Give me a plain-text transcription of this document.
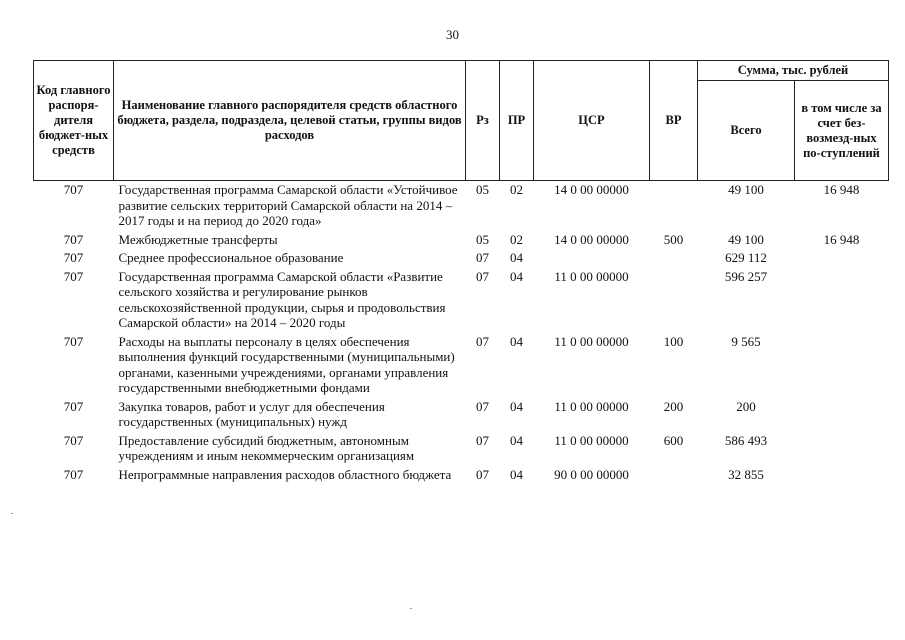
30
Код главного распоря-дителя бюджет-ных средств	Наименование главного распорядителя средств областного бюджета, раздела, подраздела, целевой статьи, группы видов расходов	Рз	ПР	ЦСР	ВР	Сумма, тыс. рублей	
						Всего	в том числе за счет без-возмезд-ных по-ступлений
707	Государственная программа Самарской области «Устойчивое развитие сельских территорий Самарской области на 2014 – 2017 годы и на период до 2020 года»	05	02	14 0 00 00000		49 100	16 948
707	Межбюджетные трансферты	05	02	14 0 00 00000	500	49 100	16 948
707	Среднее профессиональное образование	07	04			629 112	
707	Государственная программа Самарской области «Развитие сельского хозяйства и регулирование рынков сельскохозяйственной продукции, сырья и продовольствия Самарской области» на 2014 – 2020 годы	07	04	11 0 00 00000		596 257	
707	Расходы на выплаты персоналу в целях обеспечения выполнения функций государственными (муниципальными) органами, казенными учреждениями, органами управления государственными внебюджетными фондами	07	04	11 0 00 00000	100	9 565	
707	Закупка товаров, работ и услуг для обеспечения государственных (муниципальных) нужд	07	04	11 0 00 00000	200	200	
707	Предоставление субсидий бюджетным, автономным учреждениям и иным некоммерческим организациям	07	04	11 0 00 00000	600	586 493	
707	Непрограммные направления расходов областного бюджета	07	04	90 0 00 00000		32 855	
